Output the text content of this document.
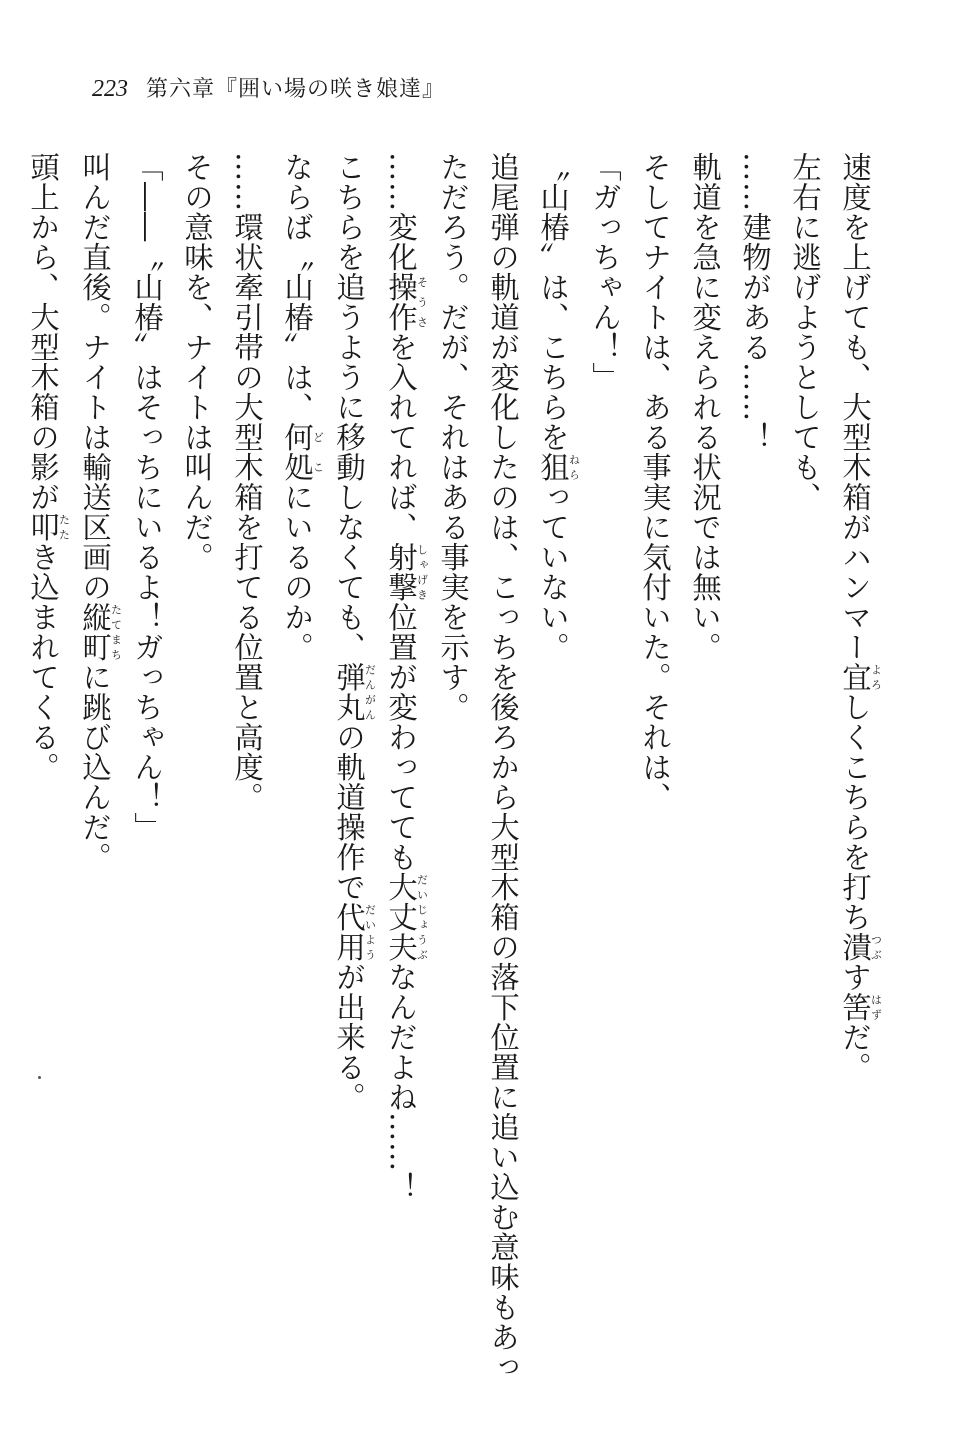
223 第六章『囲い場の咲き娘達』

速度を上げても、大型木箱がハンマー宜よろしくこちらを打ち潰つぶす筈はずだ。

左右に逃げようとしても、

……建物がある……！

軌道を急に変えられる状況では無い。

そしてナイトは、ある事実に気付いた。それは、

「ガっちゃん！」

〝山椿〟は、こちらを狙ねらっていない。

追尾弾の軌道が変化したのは、こっちを後ろから大型木箱の落下位置に追い込む意味もあっ

ただろう。だが、それはある事実を示す。

……変化操作そうさを入れてれば、射撃しゃげき位置が変わってても大丈夫だいじょうぶなんだよね……！

こちらを追うように移動しなくても、弾丸だんがんの軌道操作で代用だいようが出来る。

ならば〝山椿〟は、何処どこにいるのか。

……環状牽引帯の大型木箱を打てる位置と高度。

その意味を、ナイトは叫んだ。

「――〝山椿〟はそっちにいるよ！ガっちゃん！」

叫んだ直後。ナイトは輸送区画の縦町たてまちに跳び込んだ。

頭上から、大型木箱の影が叩たたき込まれてくる。
